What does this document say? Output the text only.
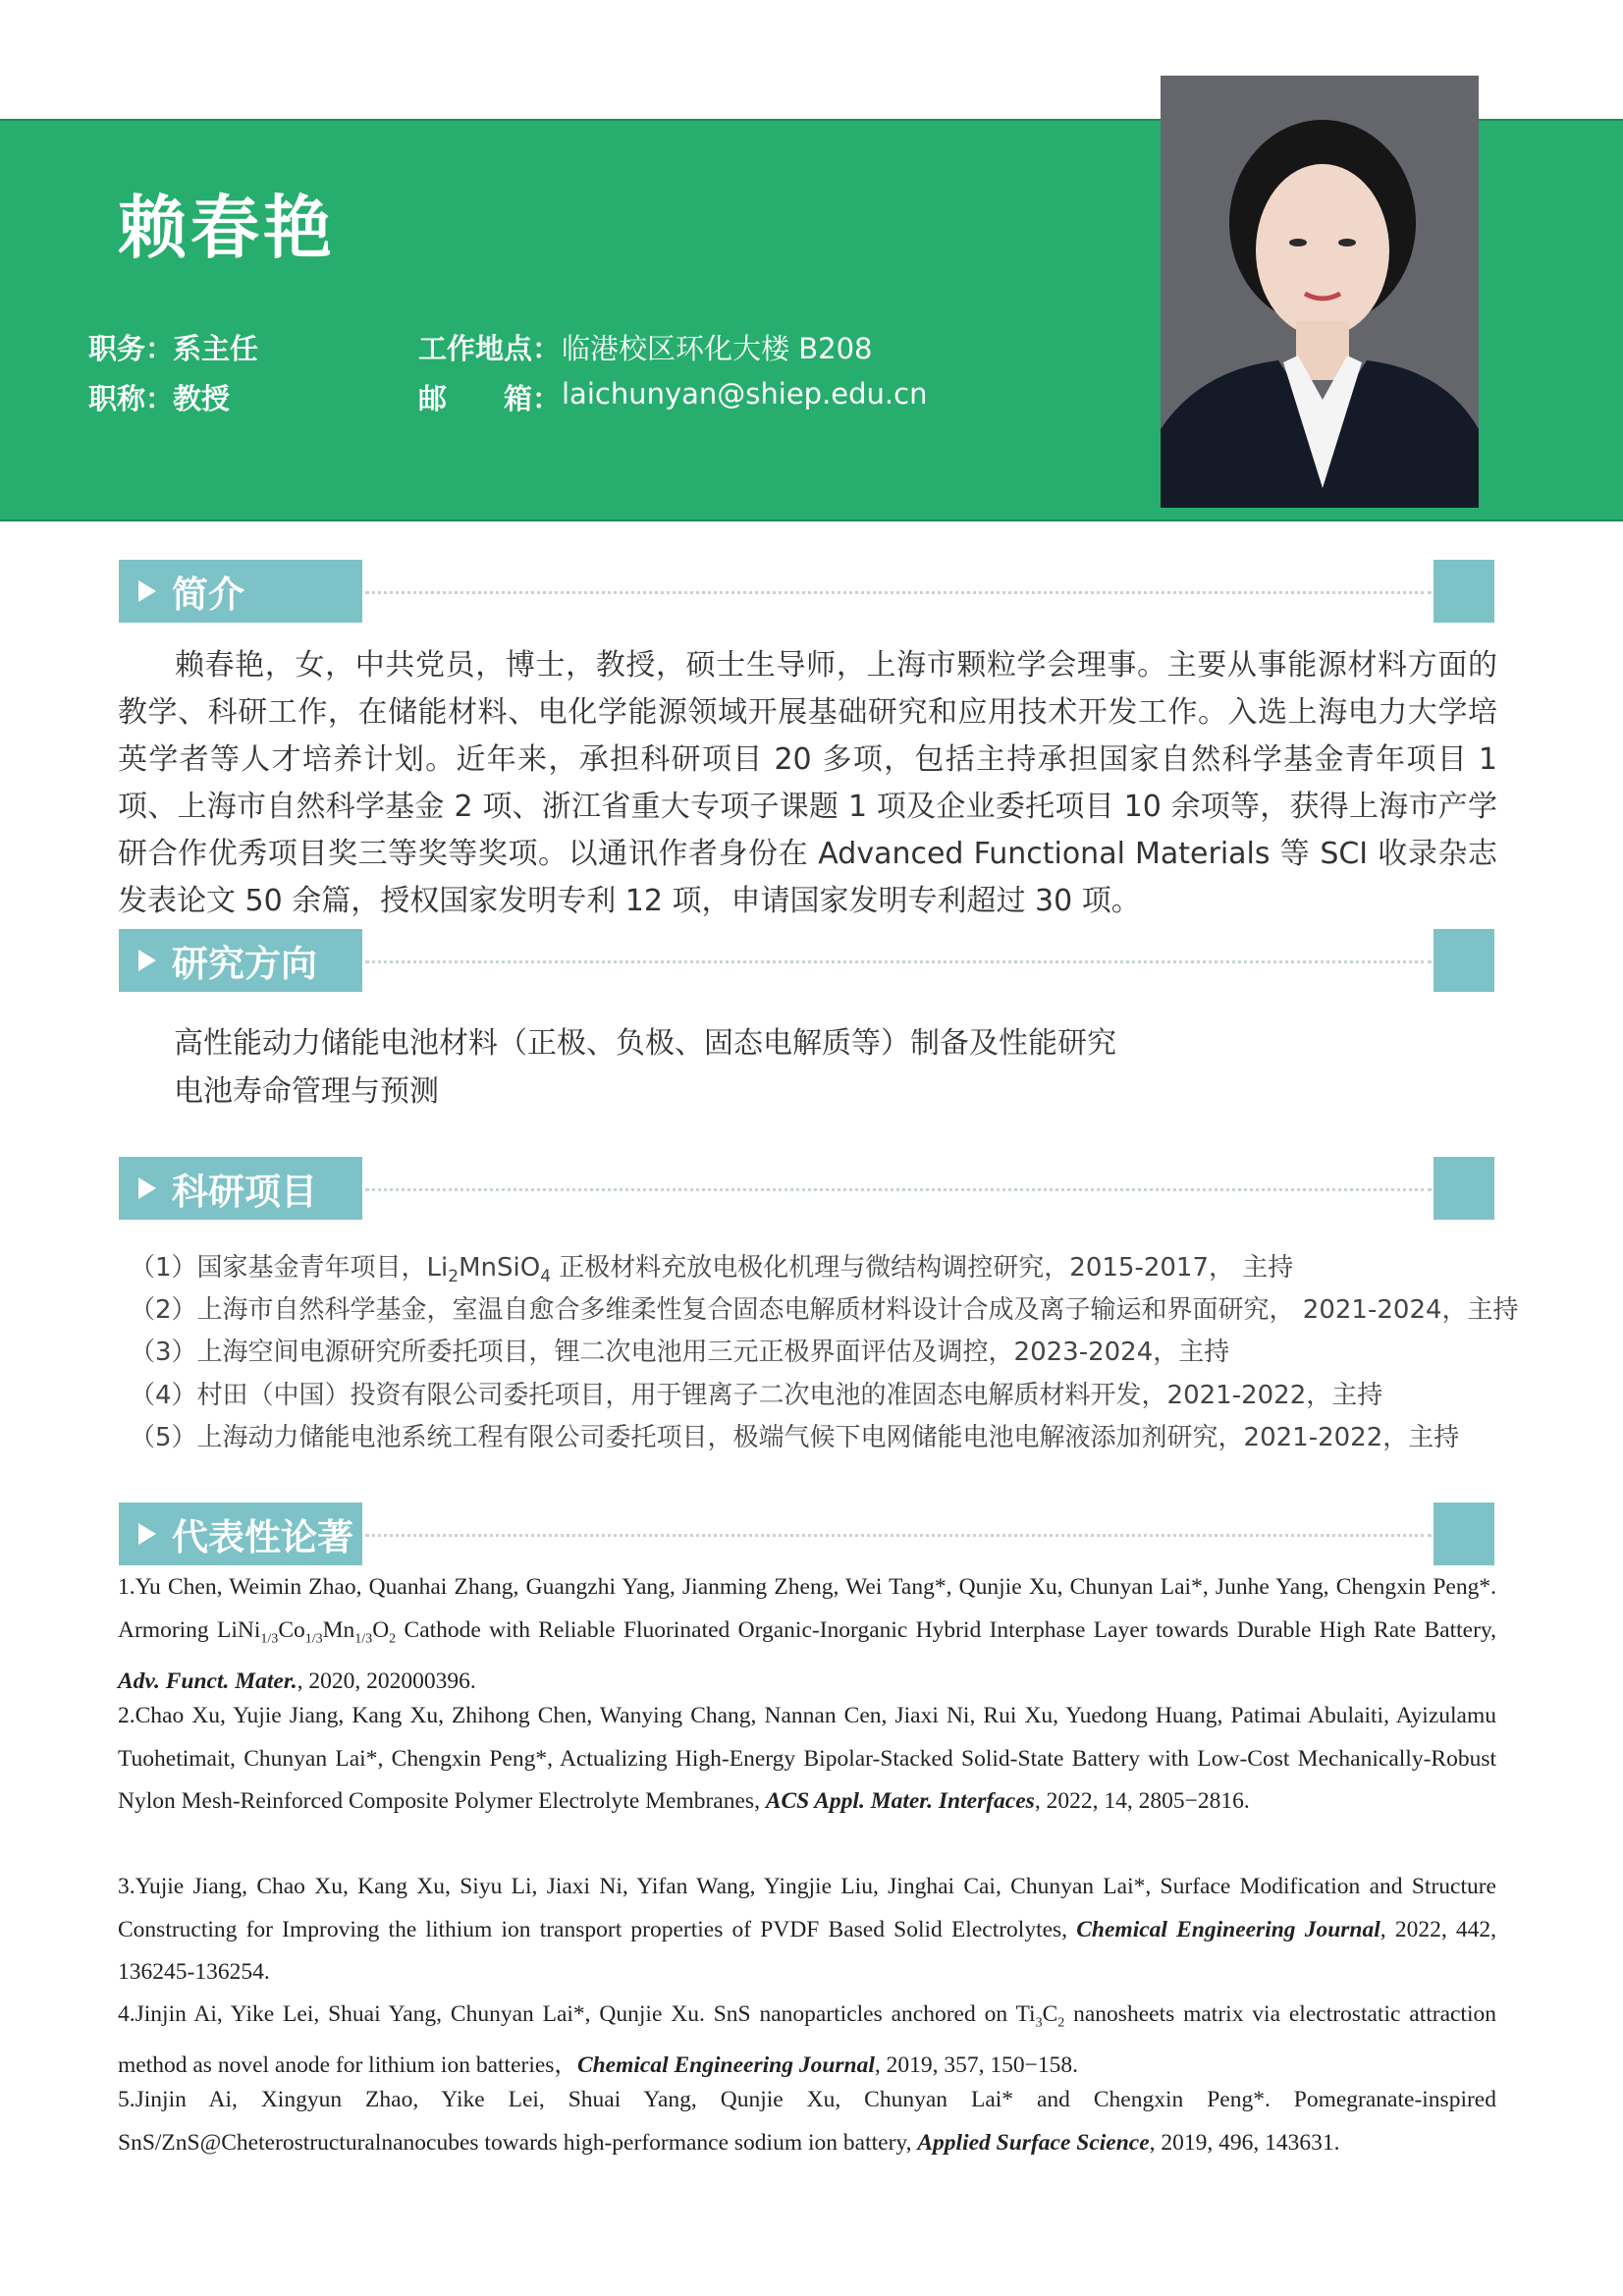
赖春艳
职务：
系主任
职称：
教授
工作地点： 临港校区环化大楼 B208
邮　　箱： laichunyan@shiep.edu.cn
简介
赖春艳，女，中共党员，博士，教授，硕士生导师，上海市颗粒学会理事。主要从事能源材料方面的教学、科研工作，在储能材料、电化学能源领域开展基础研究和应用技术开发工作。入选上海电力大学培英学者等人才培养计划。近年来，承担科研项目 20 多项，包括主持承担国家自然科学基金青年项目 1 项、上海市自然科学基金 2 项、浙江省重大专项子课题 1 项及企业委托项目 10 余项等，获得上海市产学研合作优秀项目奖三等奖等奖项。以通讯作者身份在 Advanced Functional Materials 等 SCI 收录杂志发表论文 50 余篇，授权国家发明专利 12 项，申请国家发明专利超过 30 项。
研究方向
高性能动力储能电池材料（正极、负极、固态电解质等）制备及性能研究
电池寿命管理与预测
科研项目
（1）国家基金青年项目，$Li_2MnSiO_4$ 正极材料充放电极化机理与微结构调控研究，2015-2017， 主持
（2）上海市自然科学基金，室温自愈合多维柔性复合固态电解质材料设计合成及离子输运和界面研究， 2021-2024，主持
（3）上海空间电源研究所委托项目，锂二次电池用三元正极界面评估及调控，2023-2024，主持
（4）村田（中国）投资有限公司委托项目，用于锂离子二次电池的准固态电解质材料开发，2021-2022，主持
（5）上海动力储能电池系统工程有限公司委托项目，极端气候下电网储能电池电解液添加剂研究，2021-2022，主持
代表性论著
1.Yu Chen, Weimin Zhao, Quanhai Zhang, Guangzhi Yang, Jianming Zheng, Wei Tang*, Qunjie Xu, Chunyan Lai*, Junhe Yang, Chengxin Peng*. Armoring $LiNi_{1/3}Co_{1/3}Mn_{1/3}O_2$ Cathode with Reliable Fluorinated Organic-Inorganic Hybrid Interphase Layer towards Durable High Rate Battery, Adv. Funct. Mater., 2020, 202000396.
2.Chao Xu, Yujie Jiang, Kang Xu, Zhihong Chen, Wanying Chang, Nannan Cen, Jiaxi Ni, Rui Xu, Yuedong Huang, Patimai Abulaiti, Ayizulamu Tuohetimait, Chunyan Lai*, Chengxin Peng*, Actualizing High-Energy Bipolar-Stacked Solid-State Battery with Low-Cost Mechanically-Robust Nylon Mesh-Reinforced Composite Polymer Electrolyte Membranes, ACS Appl. Mater. Interfaces, 2022, 14, 2805−2816.
3.Yujie Jiang, Chao Xu, Kang Xu, Siyu Li, Jiaxi Ni, Yifan Wang, Yingjie Liu, Jinghai Cai, Chunyan Lai*, Surface Modification and Structure Constructing for Improving the lithium ion transport properties of PVDF Based Solid Electrolytes, Chemical Engineering Journal, 2022, 442, 136245-136254.
4.Jinjin Ai, Yike Lei, Shuai Yang, Chunyan Lai*, Qunjie Xu. SnS nanoparticles anchored on $Ti_3C_2$ nanosheets matrix via electrostatic attraction method as novel anode for lithium ion batteries，Chemical Engineering Journal, 2019, 357, 150−158.
5.Jinjin Ai, Xingyun Zhao, Yike Lei, Shuai Yang, Qunjie Xu, Chunyan Lai* and Chengxin Peng*. Pomegranate-inspired SnS/ZnS@Cheterostructuralnanocubes towards high-performance sodium ion battery, Applied Surface Science, 2019, 496, 143631.
